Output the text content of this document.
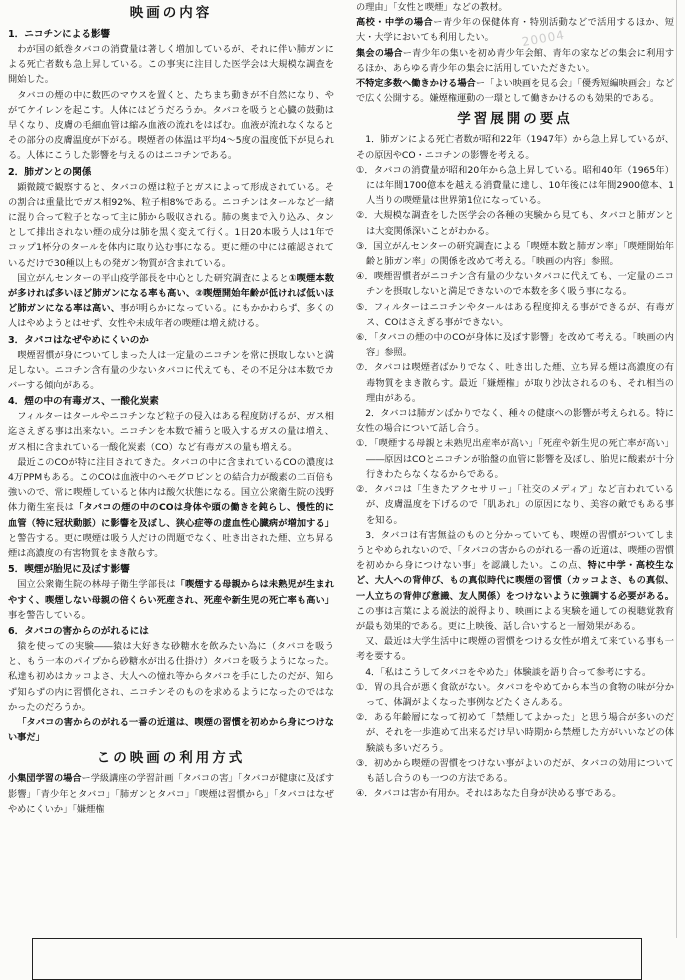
20004
映画の内容
1．ニコチンによる影響

わが国の紙巻タバコの消費量は著しく増加しているが、それに伴い肺ガンによる死亡者数も急上昇している。この事実に注目した医学会は大規模な調査を開始した。

タバコの煙の中に数匹のマウスを置くと、たちまち動きが不自然になり、やがてケイレンを起こす。人体にはどうだろうか。タバコを吸うと心臓の鼓動は早くなり、皮膚の毛細血管は縮み血液の流れをはばむ。血液が流れなくなるとその部分の皮膚温度が下がる。喫煙者の体温は平均4～5度の温度低下が見られる。人体にこうした影響を与えるのはニコチンである。

2．肺ガンとの関係

顕微鏡で観察すると、タバコの煙は粒子とガスによって形成されている。その割合は重量比でガス相92%、粒子相8%である。ニコチンはタールなど一緒に混り合って粒子となって主に肺から吸収される。肺の奥まで入り込み、タンとして排出されない煙の成分は肺を黒く変えて行く。1日20本吸う人は1年でコップ1杯分のタールを体内に取り込む事になる。更に煙の中には確認されているだけで30種以上もの発ガン物質が含まれている。

国立がんセンターの平山疫学部長を中心とした研究調査によると①喫煙本数が多ければ多いほど肺ガンになる率も高い、②喫煙開始年齢が低ければ低いほど肺ガンになる率は高い、事が明らかになっている。にもかかわらず、多くの人はやめようとはせず、女性や未成年者の喫煙は増え続ける。

3．タバコはなぜやめにくいのか

喫煙習慣が身についてしまった人は一定量のニコチンを常に摂取しないと満足しない。ニコチン含有量の少ないタバコに代えても、その不足分は本数でカバーする傾向がある。

4．煙の中の有毒ガス、一酸化炭素

フィルターはタールやニコチンなど粒子の侵入はある程度防げるが、ガス相迄さえぎる事は出来ない。ニコチンを本数で補うと吸入するガスの量は増え、ガス相に含まれている一酸化炭素（CO）など有毒ガスの量も増える。

最近このCOが特に注目されてきた。タバコの中に含まれているCOの濃度は4万PPMもある。このCOは血液中のヘモグロビンとの結合力が酸素の二百倍も強いので、常に喫煙していると体内は酸欠状態になる。国立公衆衛生院の浅野体力衛生室長は「タバコの煙の中のCOは身体や頭の働きを鈍らし、慢性的に血管（特に冠状動脈）に影響を及ぼし、狭心症等の虚血性心臓病が増加する」と警告する。更に喫煙は吸う人だけの問題でなく、吐き出された煙、立ち昇る煙は高濃度の有害物質をまき散らす。

5．喫煙が胎児に及ぼす影響

国立公衆衛生院の林母子衛生学部長は「喫煙する母親からは未熟児が生まれやすく、喫煙しない母親の倍くらい死産され、死産や新生児の死亡率も高い」事を警告している。

6．タバコの害からのがれるには

猿を使っての実験――猿は大好きな砂糖水を飲みたい為に（タバコを吸うと、もう一本のパイプから砂糖水が出る仕掛け）タバコを吸うようになった。私達も初めはカッコよさ、大人への憧れ等からタバコを手にしたのだが、知らず知らずの内に習慣化され、ニコチンそのものを求めるようになったのではなかったのだろうか。

「タバコの害からのがれる一番の近道は、喫煙の習慣を初めから身につけない事だ」

この映画の利用方式

小集団学習の場合ー学級講座の学習計画「タバコの害」「タバコが健康に及ぼす影響」「青少年とタバコ」「肺ガンとタバコ」「喫煙は習慣から」「タバコはなぜやめにくいか」「嫌煙権

の理由」「女性と喫煙」などの教材。

高校・中学の場合ー青少年の保健体育・特別活動などで活用するほか、短大・大学においても利用したい。

集会の場合ー青少年の集いを初め青少年会館、青年の家などの集会に利用するほか、あらゆる青少年の集会に活用していただきたい。

不特定多数へ働きかける場合ー「よい映画を見る会」「優秀短編映画会」などで広く公開する。嫌煙権運動の一環として働きかけるのも効果的である。

学習展開の要点

1．肺ガンによる死亡者数が昭和22年（1947年）から急上昇しているが、その原因やCO・ニコチンの影響を考える。

①．タバコの消費量が昭和20年から急上昇している。昭和40年（1965年）には年間1700億本を越える消費量に達し、10年後には年間2900億本、1人当りの喫煙量は世界第1位になっている。
②．大規模な調査をした医学会の各種の実験から見ても、タバコと肺ガンとは大変関係深いことがわかる。
③．国立がんセンターの研究調査による「喫煙本数と肺ガン率」「喫煙開始年齢と肺ガン率」の関係を改めて考える。「映画の内容」参照。
④．喫煙習慣者がニコチン含有量の少ないタバコに代えても、一定量のニコチンを摂取しないと満足できないので本数を多く吸う事になる。
⑤．フィルターはニコチンやタールはある程度抑える事ができるが、有毒ガス、COはさえぎる事ができない。
⑥．「タバコの煙の中のCOが身体に及ぼす影響」を改めて考える。「映画の内容」参照。
⑦．タバコは喫煙者ばかりでなく、吐き出した煙、立ち昇る煙は高濃度の有毒物質をまき散らす。最近「嫌煙権」が取り沙汰されるのも、それ相当の理由がある。

2．タバコは肺ガンばかりでなく、種々の健康への影響が考えられる。特に女性の場合について話し合う。

①．「喫煙する母親と未熟児出産率が高い」「死産や新生児の死亡率が高い」――原因はCOとニコチンが胎盤の血管に影響を及ぼし、胎児に酸素が十分行きわたらなくなるからである。
②．タバコは「生きたアクセサリー」「社交のメディア」など言われているが、皮膚温度を下げるので「肌あれ」の原因になり、美容の敵でもある事を知る。

3．タバコは有害無益のものと分かっていても、喫煙の習慣がついてしまうとやめられないので、「タバコの害からのがれる一番の近道は、喫煙の習慣を初めから身につけない事」を認識したい。この点、特に中学・高校生など、大人への背伸び、もの真似時代に喫煙の習慣（カッコよさ、もの真似、一人立ちの背伸び意識、友人関係）をつけないように強調する必要がある。この事は言葉による説法的説得より、映画による実験を通しての視聴覚教育が最も効果的である。更に上映後、話し合いすると一層効果がある。

又、最近は大学生活中に喫煙の習慣をつける女性が増えて来ている事も一考を要する。

4．「私はこうしてタバコをやめた」体験談を語り合って参考にする。

①．胃の具合が悪く食欲がない。タバコをやめてから本当の食物の味が分かって、体調がよくなった事例などたくさんある。
②．ある年齢層になって初めて「禁煙してよかった」と思う場合が多いのだが、それを一歩進めて出来るだけ早い時期から禁煙した方がいいなどの体験談も多いだろう。
③．初めから喫煙の習慣をつけない事がよいのだが、タバコの効用についても話し合うのも一つの方法である。
④．タバコは害か有用か。それはあなた自身が決める事である。
